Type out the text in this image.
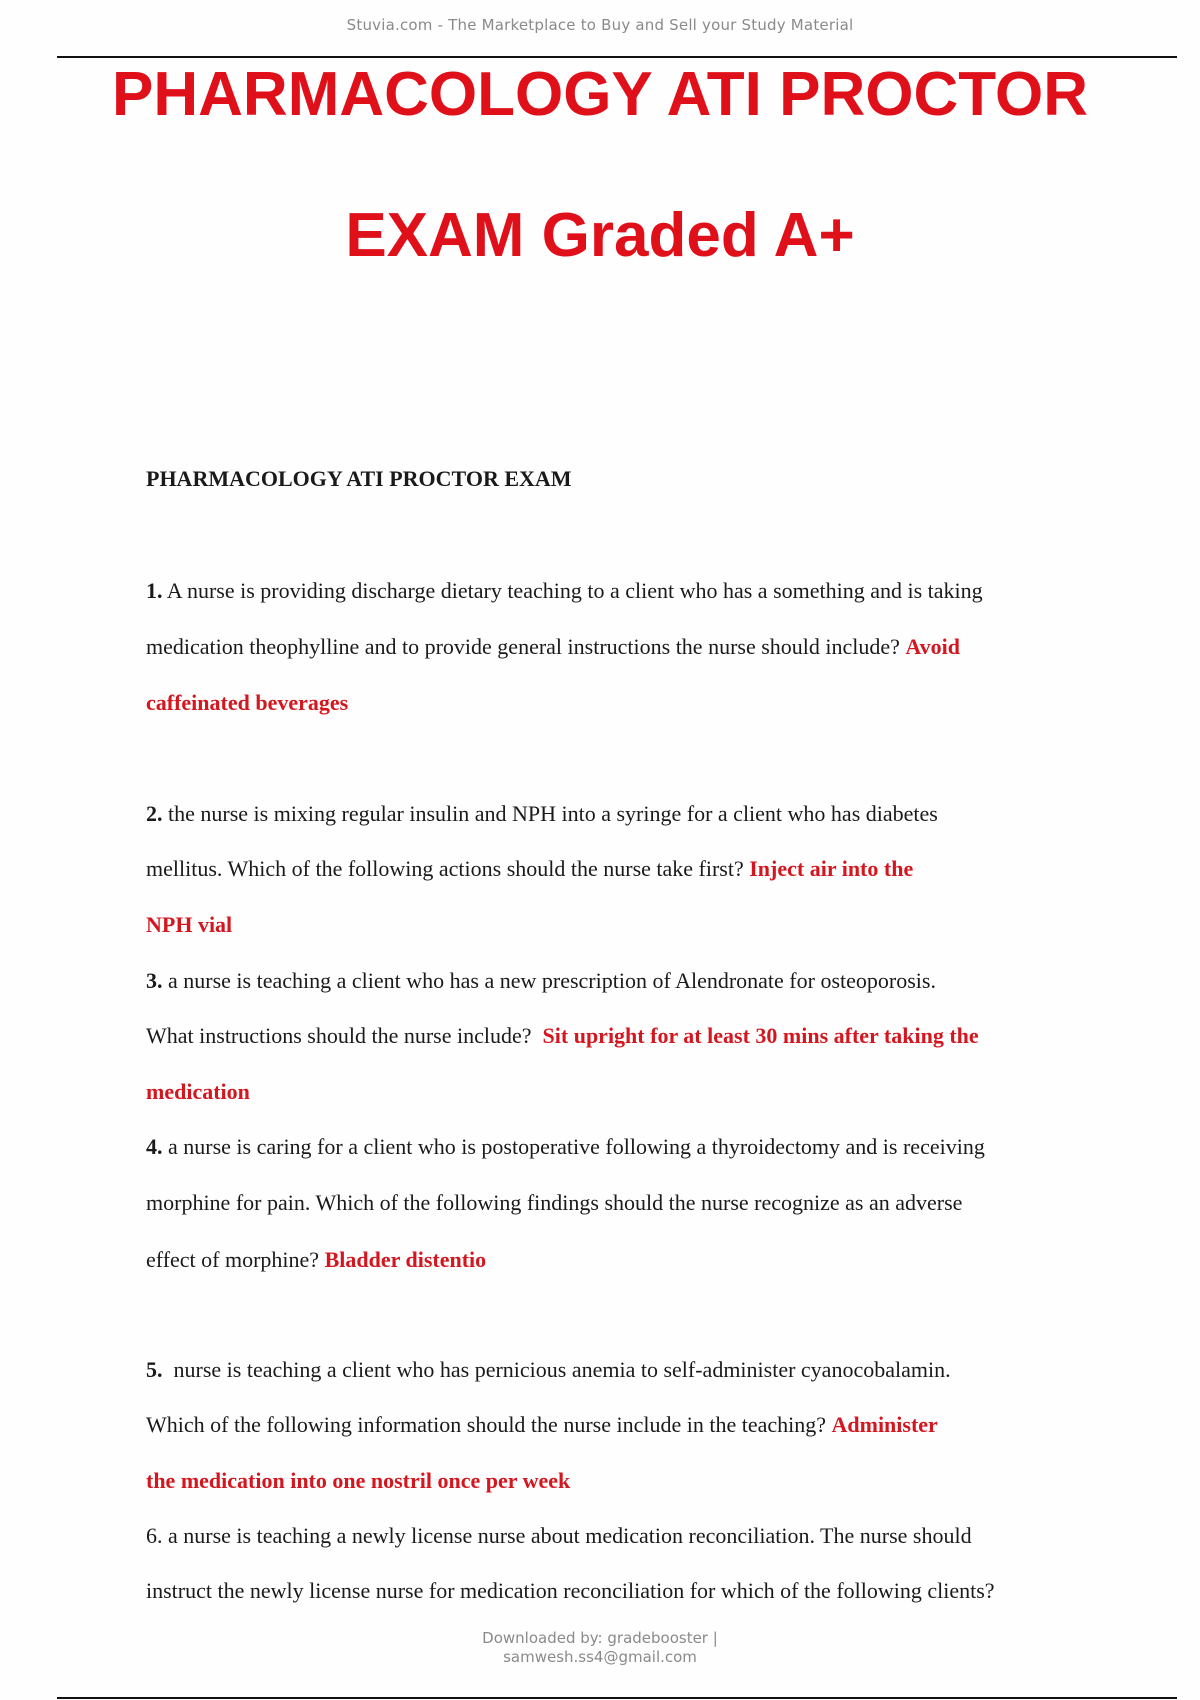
Stuvia.com - The Marketplace to Buy and Sell your Study Material
PHARMACOLOGY ATI PROCTOR
EXAM Graded A+
PHARMACOLOGY ATI PROCTOR EXAM
1. A nurse is providing discharge dietary teaching to a client who has a something and is taking
medication theophylline and to provide general instructions the nurse should include? Avoid
caffeinated beverages
2. the nurse is mixing regular insulin and NPH into a syringe for a client who has diabetes
mellitus. Which of the following actions should the nurse take first? Inject air into the
NPH vial
3. a nurse is teaching a client who has a new prescription of Alendronate for osteoporosis.
What instructions should the nurse include? Sit upright for at least 30 mins after taking the
medication
4. a nurse is caring for a client who is postoperative following a thyroidectomy and is receiving
morphine for pain. Which of the following findings should the nurse recognize as an adverse
effect of morphine? Bladder distentio
5. nurse is teaching a client who has pernicious anemia to self-administer cyanocobalamin.
Which of the following information should the nurse include in the teaching? Administer
the medication into one nostril once per week
6. a nurse is teaching a newly license nurse about medication reconciliation. The nurse should
instruct the newly license nurse for medication reconciliation for which of the following clients?
Downloaded by: gradebooster |
samwesh.ss4@gmail.com
